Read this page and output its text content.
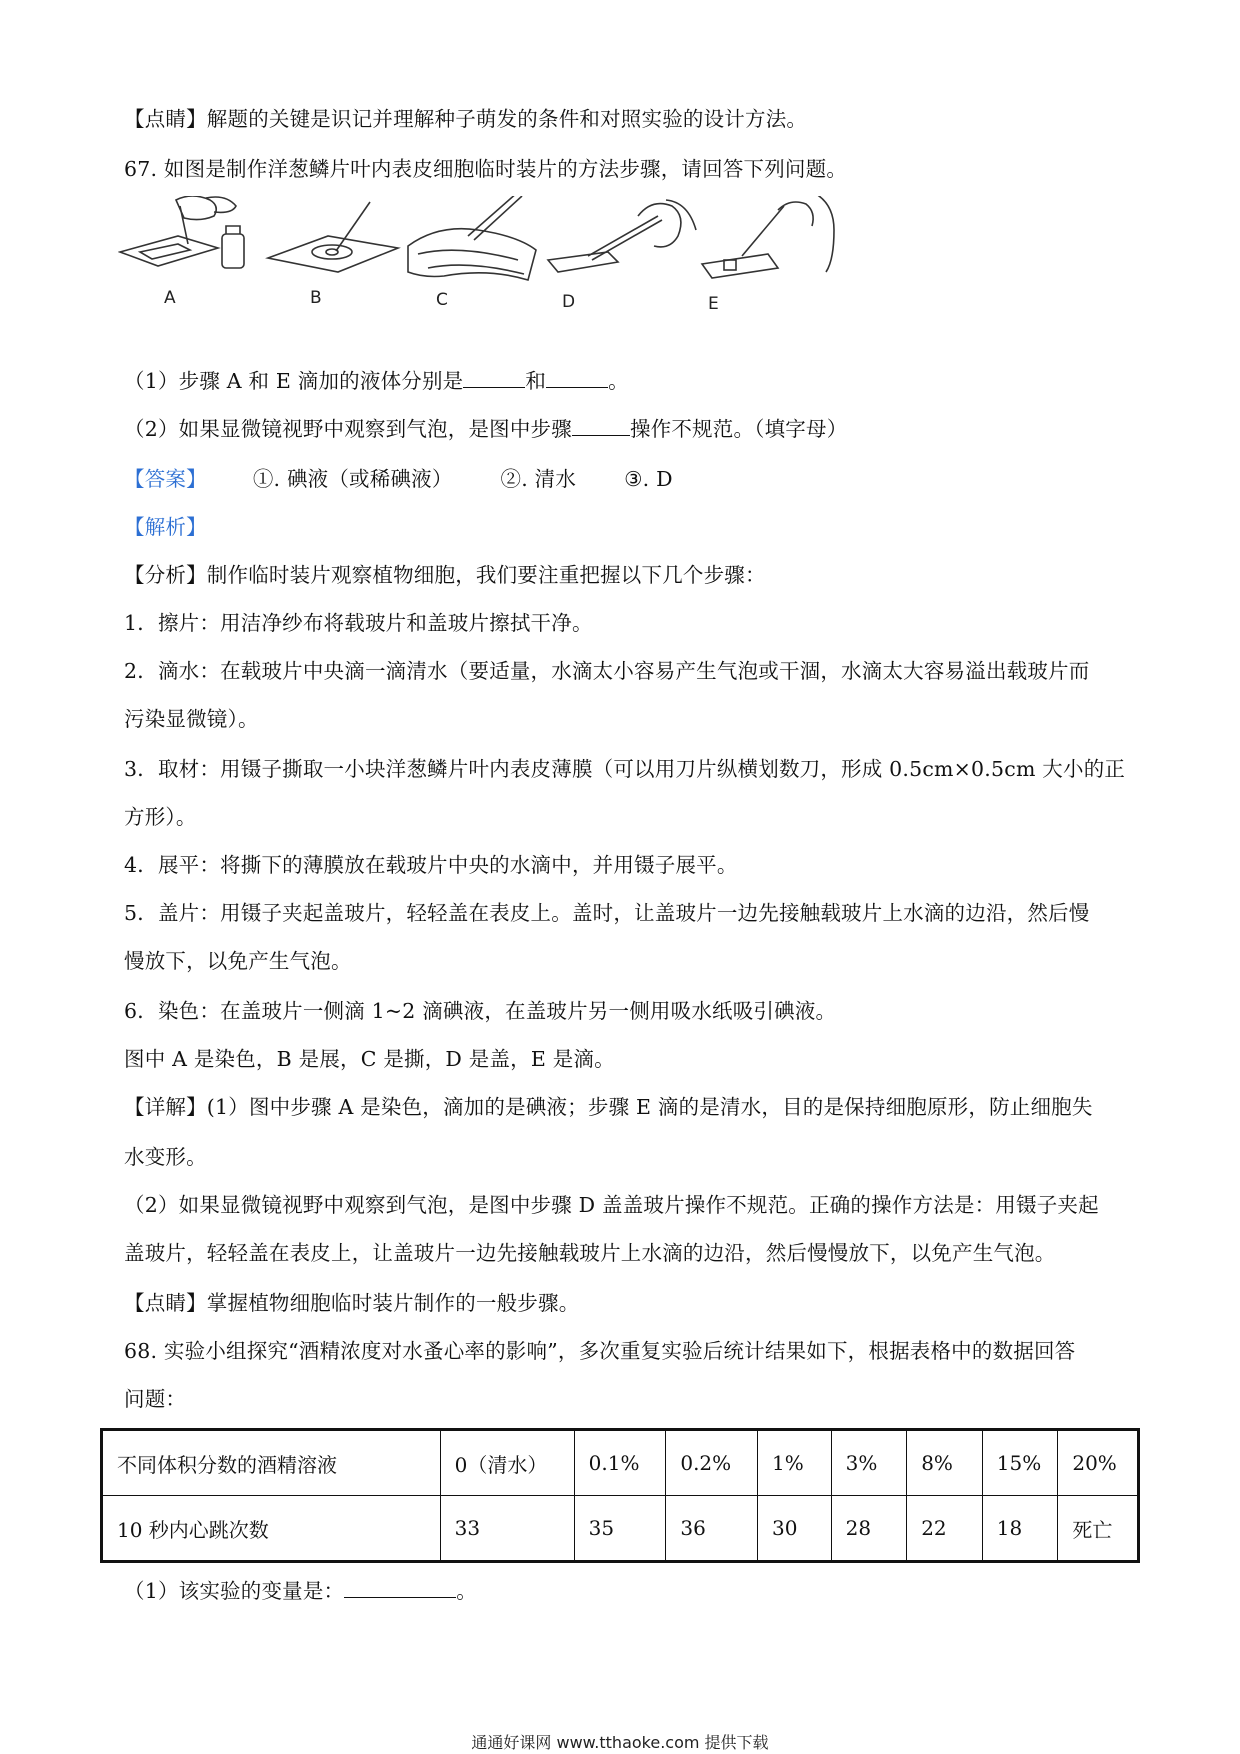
【点睛】解题的关键是识记并理解种子萌发的条件和对照实验的设计方法。
67. 如图是制作洋葱鳞片叶内表皮细胞临时装片的方法步骤，请回答下列问题。
A	B	C	D	E
（1）步骤 A 和 E 滴加的液体分别是	和	。
（2）如果显微镜视野中观察到气泡，是图中步骤	操作不规范。（填字母）
【答案】 ①. 碘液（或稀碘液） ②. 清水 ③. D
【解析】
【分析】制作临时装片观察植物细胞，我们要注重把握以下几个步骤：
1．擦片：用洁净纱布将载玻片和盖玻片擦拭干净。
2．滴水：在载玻片中央滴一滴清水（要适量，水滴太小容易产生气泡或干涸，水滴太大容易溢出载玻片而
污染显微镜）。
3．取材：用镊子撕取一小块洋葱鳞片叶内表皮薄膜（可以用刀片纵横划数刀，形成 0.5cm×0.5cm 大小的正
方形）。
4．展平：将撕下的薄膜放在载玻片中央的水滴中，并用镊子展平。
5．盖片：用镊子夹起盖玻片，轻轻盖在表皮上。盖时，让盖玻片一边先接触载玻片上水滴的边沿，然后慢
慢放下，以免产生气泡。
6．染色：在盖玻片一侧滴 1~2 滴碘液，在盖玻片另一侧用吸水纸吸引碘液。
图中 A 是染色，B 是展，C 是撕，D 是盖，E 是滴。
【详解】(1）图中步骤 A 是染色，滴加的是碘液；步骤 E 滴的是清水，目的是保持细胞原形，防止细胞失
水变形。
（2）如果显微镜视野中观察到气泡，是图中步骤 D 盖盖玻片操作不规范。正确的操作方法是：用镊子夹起
盖玻片，轻轻盖在表皮上，让盖玻片一边先接触载玻片上水滴的边沿，然后慢慢放下，以免产生气泡。
【点睛】掌握植物细胞临时装片制作的一般步骤。
68. 实验小组探究“酒精浓度对水蚤心率的影响”，多次重复实验后统计结果如下，根据表格中的数据回答
问题：
不同体积分数的酒精溶液	0（清水）	0.1%	0.2%	1%	3%	8%	15%	20%
10 秒内心跳次数	33	35	36	30	28	22	18	死亡
（1）该实验的变量是：	。
通通好课网 www.tthaoke.com 提供下载
